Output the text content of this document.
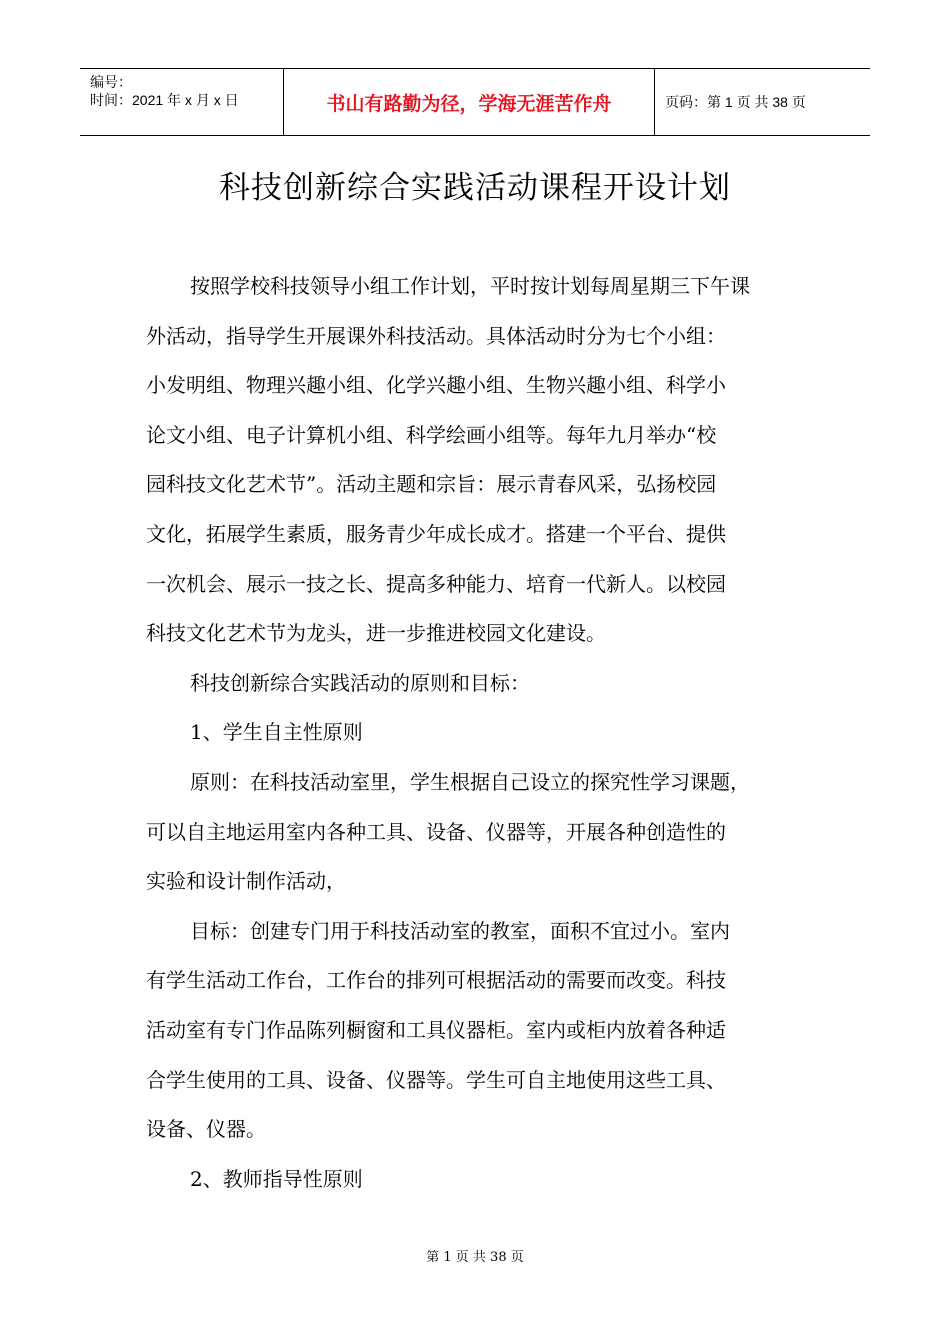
编号：
时间：2021 年 x 月 x 日	书山有路勤为径，学海无涯苦作舟	页码：第 1 页 共 38 页
科技创新综合实践活动课程开设计划

按照学校科技领导小组工作计划，平时按计划每周星期三下午课

外活动，指导学生开展课外科技活动。具体活动时分为七个小组：

小发明组、物理兴趣小组、化学兴趣小组、生物兴趣小组、科学小

论文小组、电子计算机小组、科学绘画小组等。每年九月举办“校

园科技文化艺术节”。活动主题和宗旨：展示青春风采，弘扬校园

文化，拓展学生素质，服务青少年成长成才。搭建一个平台、提供

一次机会、展示一技之长、提高多种能力、培育一代新人。以校园

科技文化艺术节为龙头，进一步推进校园文化建设。

科技创新综合实践活动的原则和目标：

1、学生自主性原则

原则：在科技活动室里，学生根据自己设立的探究性学习课题，

可以自主地运用室内各种工具、设备、仪器等，开展各种创造性的

实验和设计制作活动，

目标：创建专门用于科技活动室的教室，面积不宜过小。室内

有学生活动工作台，工作台的排列可根据活动的需要而改变。科技

活动室有专门作品陈列橱窗和工具仪器柜。室内或柜内放着各种适

合学生使用的工具、设备、仪器等。学生可自主地使用这些工具、

设备、仪器。

2、教师指导性原则

第 1 页 共 38 页
